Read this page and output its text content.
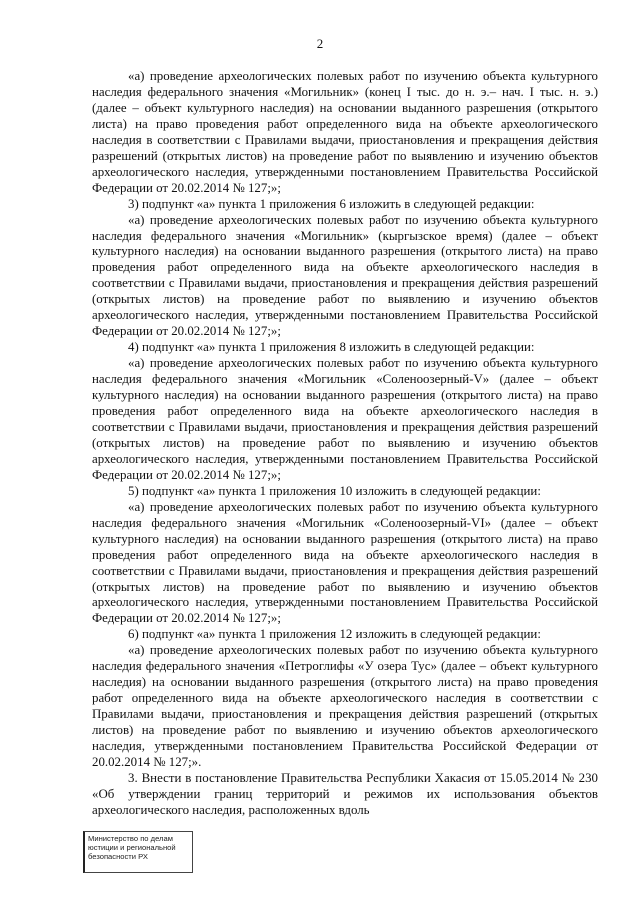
2

«а) проведение археологических полевых работ по изучению объекта культурного наследия федерального значения «Могильник» (конец I тыс. до н. э.– нач. I тыс. н. э.) (далее – объект культурного наследия) на основании выданного разрешения (открытого листа) на право проведения работ определенного вида на объекте археологического наследия в соответствии с Правилами выдачи, приостановления и прекращения действия разрешений (открытых листов) на проведение работ по выявлению и изучению объектов археологического наследия, утвержденными постановлением Правительства Российской Федерации от 20.02.2014 № 127;»;

3) подпункт «а» пункта 1 приложения 6 изложить в следующей редакции:

«а) проведение археологических полевых работ по изучению объекта культурного наследия федерального значения «Могильник» (кыргызское время) (далее – объект культурного наследия) на основании выданного разрешения (открытого листа) на право проведения работ определенного вида на объекте археологического наследия в соответствии с Правилами выдачи, приостановления и прекращения действия разрешений (открытых листов) на проведение работ по выявлению и изучению объектов археологического наследия, утвержденными постановлением Правительства Российской Федерации от 20.02.2014 № 127;»;

4) подпункт «а» пункта 1 приложения 8 изложить в следующей редакции:

«а) проведение археологических полевых работ по изучению объекта культурного наследия федерального значения «Могильник «Соленоозерный-V» (далее – объект культурного наследия) на основании выданного разрешения (открытого листа) на право проведения работ определенного вида на объекте археологического наследия в соответствии с Правилами выдачи, приостановления и прекращения действия разрешений (открытых листов) на проведение работ по выявлению и изучению объектов археологического наследия, утвержденными постановлением Правительства Российской Федерации от 20.02.2014 № 127;»;

5) подпункт «а» пункта 1 приложения 10 изложить в следующей редакции:

«а) проведение археологических полевых работ по изучению объекта культурного наследия федерального значения «Могильник «Соленоозерный-VI» (далее – объект культурного наследия) на основании выданного разрешения (открытого листа) на право проведения работ определенного вида на объекте археологического наследия в соответствии с Правилами выдачи, приостановления и прекращения действия разрешений (открытых листов) на проведение работ по выявлению и изучению объектов археологического наследия, утвержденными постановлением Правительства Российской Федерации от 20.02.2014 № 127;»;

6) подпункт «а» пункта 1 приложения 12 изложить в следующей редакции:

«а) проведение археологических полевых работ по изучению объекта культурного наследия федерального значения «Петроглифы «У озера Тус» (далее – объект культурного наследия) на основании выданного разрешения (открытого листа) на право проведения работ определенного вида на объекте археологического наследия в соответствии с Правилами выдачи, приостановления и прекращения действия разрешений (открытых листов) на проведение работ по выявлению и изучению объектов археологического наследия, утвержденными постановлением Правительства Российской Федерации от 20.02.2014 № 127;».

3. Внести в постановление Правительства Республики Хакасия от 15.05.2014 № 230 «Об утверждении границ территорий и режимов их использования объектов археологического наследия, расположенных вдоль

Министерство по делам
юстиции и региональной
безопасности РХ
